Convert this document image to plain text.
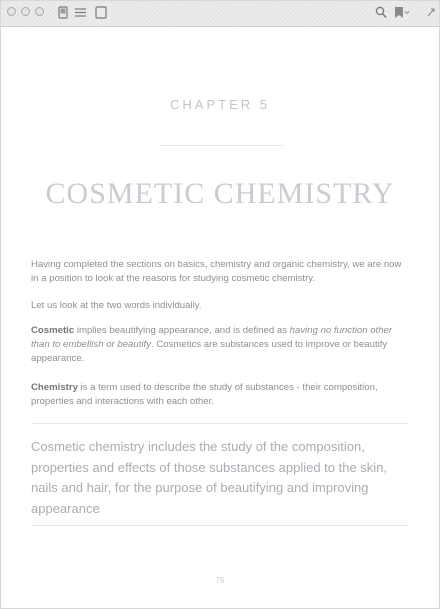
CHAPTER 5
COSMETIC CHEMISTRY

Having completed the sections on basics, chemistry and organic chemistry, we are now in a position to look at the reasons for studying cosmetic chemistry.

Let us look at the two words individually.

Cosmetic implies beautifying appearance, and is defined as having no function other than to embellish or beautify. Cosmetics are substances used to improve or beautify appearance.

Chemistry is a term used to describe the study of substances - their composition, properties and interactions with each other.

Cosmetic chemistry includes the study of the composition, properties and effects of those substances applied to the skin, nails and hair, for the purpose of beautifying and improving appearance
75
